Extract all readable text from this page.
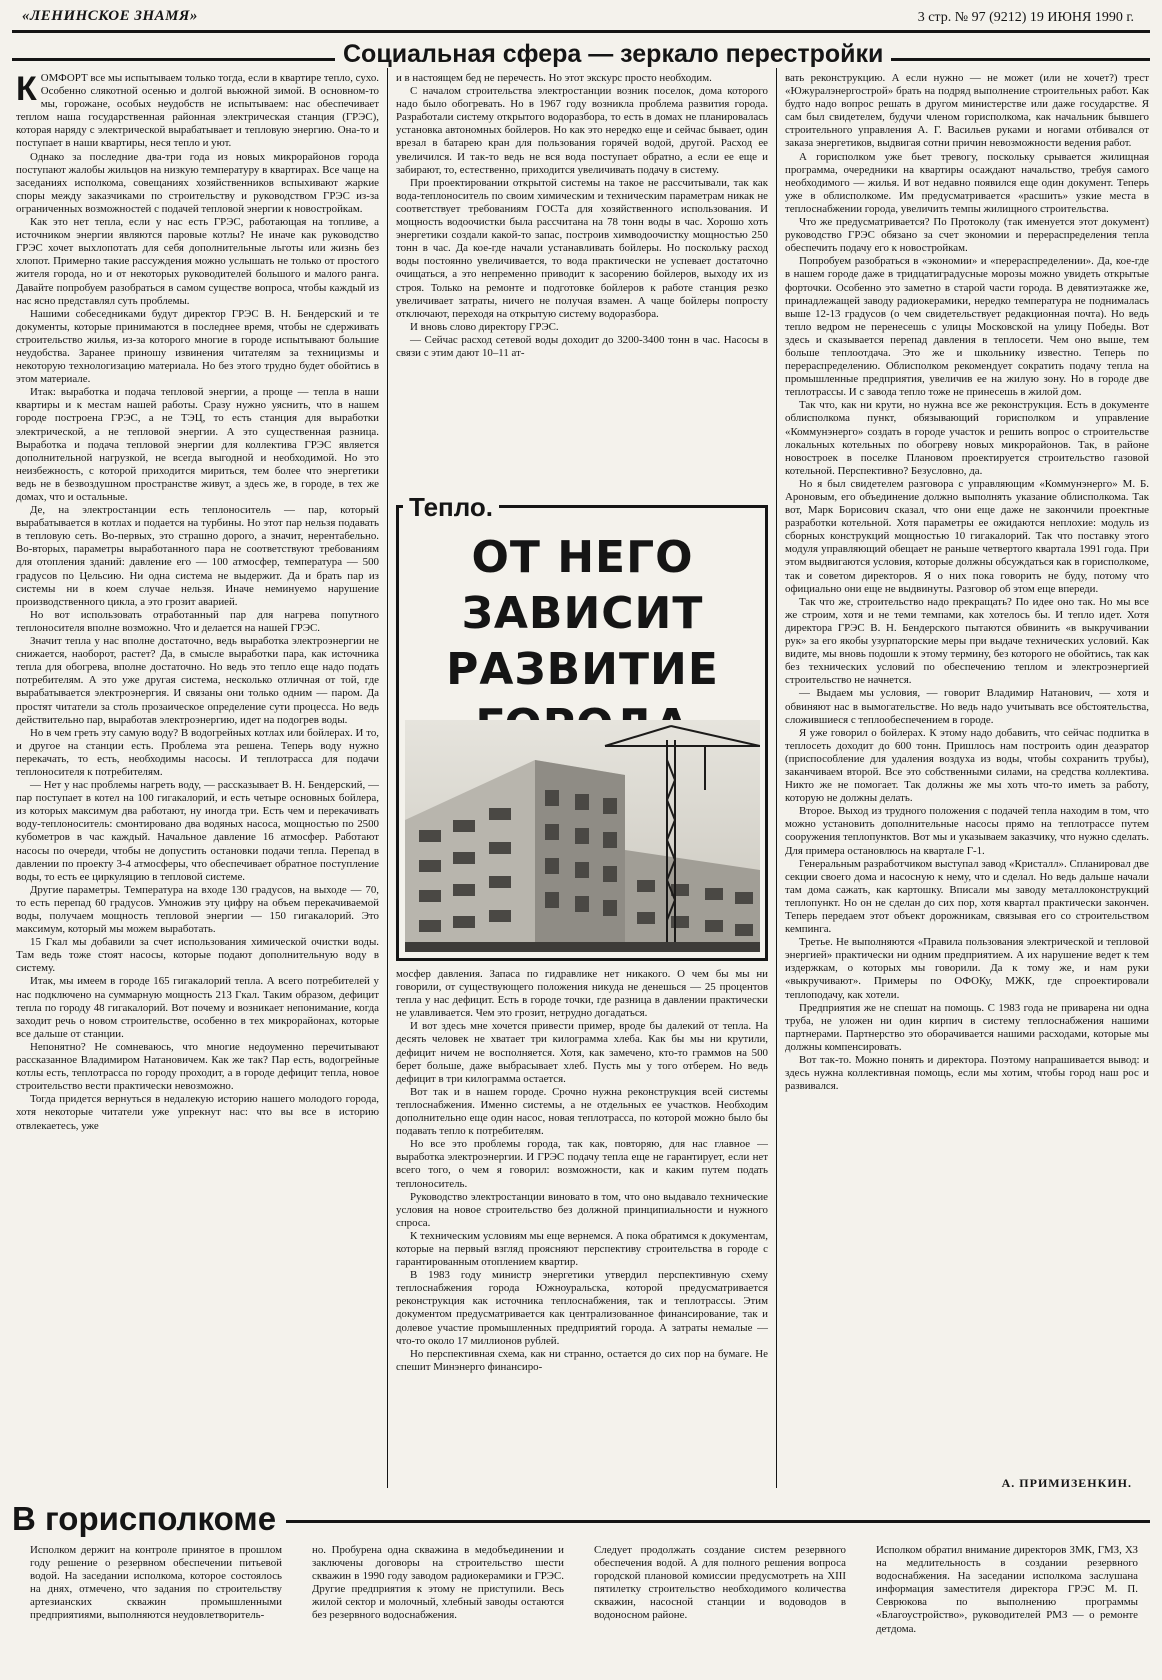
«ЛЕНИНСКОЕ ЗНАМЯ»	3 стр. № 97 (9212) 19 ИЮНЯ 1990 г.
Социальная сфера — зеркало перестройки
К ОМФОРТ все мы испытываем только тогда, если в квартире тепло, сухо. Особенно слякотной осенью и долгой вьюжной зимой. В основном-то мы, горожане, особых неудобств не испытываем: нас обеспечивает теплом наша государственная районная электрическая станция (ГРЭС), которая наряду с электрической вырабатывает и тепловую энергию. Она-то и поступает в наши квартиры, неся тепло и уют.

Однако за последние два-три года из новых микрорайонов города поступают жалобы жильцов на низкую температуру в квартирах. Все чаще на заседаниях исполкома, совещаниях хозяйственников вспыхивают жаркие споры между заказчиками по строительству и руководством ГРЭС из-за ограниченных возможностей с подачей тепловой энергии к новостройкам.

Как это нет тепла, если у нас есть ГРЭС, работающая на топливе, а источником энергии являются паровые котлы? Не иначе как руководство ГРЭС хочет выхлопотать для себя дополнительные льготы или жизнь без хлопот. Примерно такие рассуждения можно услышать не только от простого жителя города, но и от некоторых руководителей большого и малого ранга. Давайте попробуем разобраться в самом существе вопроса, чтобы каждый из нас ясно представлял суть проблемы.

Нашими собеседниками будут директор ГРЭС В. Н. Бендерский и те документы, которые принимаются в последнее время, чтобы не сдерживать строительство жилья, из-за которого многие в городе испытывают большие неудобства. Заранее приношу извинения читателям за техницизмы и некоторую технологизацию материала. Но без этого трудно будет обойтись в этом материале.

Итак: выработка и подача тепловой энергии, а проще — тепла в наши квартиры и к местам нашей работы. Сразу нужно уяснить, что в нашем городе построена ГРЭС, а не ТЭЦ, то есть станция для выработки электрической, а не тепловой энергии. А это существенная разница. Выработка и подача тепловой энергии для коллектива ГРЭС является дополнительной нагрузкой, не всегда выгодной и необходимой. Но это неизбежность, с которой приходится мириться, тем более что энергетики ведь не в безвоздушном пространстве живут, а здесь же, в городе, в тех же домах, что и остальные.

Де, на электростанции есть теплоноситель — пар, который вырабатывается в котлах и подается на турбины. Но этот пар нельзя подавать в тепловую сеть. Во-первых, это страшно дорого, а значит, нерентабельно. Во-вторых, параметры выработанного пара не соответствуют требованиям для отопления зданий: давление его — 100 атмосфер, температура — 500 градусов по Цельсию. Ни одна система не выдержит. Да и брать пар из системы ни в коем случае нельзя. Иначе неминуемо нарушение производственного цикла, а это грозит аварией.

Но вот использовать отработанный пар для нагрева попутного теплоносителя вполне возможно. Что и делается на нашей ГРЭС.

Значит тепла у нас вполне достаточно, ведь выработка электроэнергии не снижается, наоборот, растет? Да, в смысле выработки пара, как источника тепла для обогрева, вполне достаточно. Но ведь это тепло еще надо подать потребителям. А это уже другая система, несколько отличная от той, где вырабатывается электроэнергия. И связаны они только одним — паром. Да простят читатели за столь прозаическое определение сути процесса. Но ведь действительно пар, выработав электроэнергию, идет на подогрев воды.

Но в чем греть эту самую воду? В водогрейных котлах или бойлерах. И то, и другое на станции есть. Проблема эта решена. Теперь воду нужно перекачать, то есть, необходимы насосы. И теплотрасса для подачи теплоносителя к потребителям.

— Нет у нас проблемы нагреть воду, — рассказывает В. Н. Бендерский, — пар поступает в котел на 100 гигакалорий, и есть четыре основных бойлера, из которых максимум два работают, ну иногда три. Есть чем и перекачивать воду-теплоноситель: смонтировано два водяных насоса, мощностью по 2500 кубометров в час каждый. Начальное давление 16 атмосфер. Работают насосы по очереди, чтобы не допустить остановки подачи тепла. Перепад в давлении по проекту 3-4 атмосферы, что обеспечивает обратное поступление воды, то есть ее циркуляцию в тепловой системе.

Другие параметры. Температура на входе 130 градусов, на выходе — 70, то есть перепад 60 градусов. Умножив эту цифру на объем перекачиваемой воды, получаем мощность тепловой энергии — 150 гигакалорий. Это максимум, который мы можем выработать.

15 Гкал мы добавили за счет использования химической очистки воды. Там ведь тоже стоят насосы, которые подают дополнительную воду в систему.

Итак, мы имеем в городе 165 гигакалорий тепла. А всего потребителей у нас подключено на суммарную мощность 213 Гкал. Таким образом, дефицит тепла по городу 48 гигакалорий. Вот почему и возникает непонимание, когда заходит речь о новом строительстве, особенно в тех микрорайонах, которые все дальше от станции.

Непонятно? Не сомневаюсь, что многие недоуменно перечитывают рассказанное Владимиром Натановичем. Как же так? Пар есть, водогрейные котлы есть, теплотрасса по городу проходит, а в городе дефицит тепла, новое строительство вести практически невозможно.

Тогда придется вернуться в недалекую историю нашего молодого города, хотя некоторые читатели уже упрекнут нас: что вы все в историю отвлекаетесь, уже

и в настоящем бед не перечесть. Но этот экскурс просто необходим.

С началом строительства электростанции возник поселок, дома которого надо было обогревать. Но в 1967 году возникла проблема развития города. Разработали систему открытого водоразбора, то есть в домах не планировалась установка автономных бойлеров. Но как это нередко еще и сейчас бывает, один врезал в батарею кран для пользования горячей водой, другой. Расход ее увеличился. И так-то ведь не вся вода поступает обратно, а если ее еще и забирают, то, естественно, приходится увеличивать подачу в систему.

При проектировании открытой системы на такое не рассчитывали, так как вода-теплоноситель по своим химическим и техническим параметрам никак не соответствует требованиям ГОСТа для хозяйственного использования. И мощность водоочистки была рассчитана на 78 тонн воды в час. Хорошо хоть энергетики создали какой-то запас, построив химводоочистку мощностью 250 тонн в час. Да кое-где начали устанавливать бойлеры. Но поскольку расход воды постоянно увеличивается, то вода практически не успевает достаточно очищаться, а это непременно приводит к засорению бойлеров, выходу их из строя. Только на ремонте и подготовке бойлеров к работе станция резко увеличивает затраты, ничего не получая взамен. А чаще бойлеры попросту отключают, переходя на открытую систему водоразбора.

И вновь слово директору ГРЭС.

— Сейчас расход сетевой воды доходит до 3200-3400 тонн в час. Насосы в связи с этим дают 10–11 ат-

Тепло.
ОТ НЕГО ЗАВИСИТ
РАЗВИТИЕ

мосфер давления. Запаса по гидравлике нет никакого. О чем бы мы ни говорили, от существующего положения никуда не денешься — 25 процентов тепла у нас дефицит. Есть в городе точки, где разница в давлении практически не улавливается. Чем это грозит, нетрудно догадаться.

И вот здесь мне хочется привести пример, вроде бы далекий от тепла. На десять человек не хватает три килограмма хлеба. Как бы мы ни крутили, дефицит ничем не восполняется. Хотя, как замечено, кто-то граммов на 500 берет больше, даже выбрасывает хлеб. Пусть мы у того отберем. Но ведь дефицит в три килограмма остается.

Вот так и в нашем городе. Срочно нужна реконструкция всей системы теплоснабжения. Именно системы, а не отдельных ее участков. Необходим дополнительно еще один насос, новая теплотрасса, по которой можно было бы подавать тепло к потребителям.

Но все это проблемы города, так как, повторяю, для нас главное — выработка электроэнергии. И ГРЭС подачу тепла еще не гарантирует, если нет всего того, о чем я говорил: возможности, как и каким путем подать теплоноситель.

Руководство электростанции виновато в том, что оно выдавало технические условия на новое строительство без должной принципиальности и нужного спроса.

К техническим условиям мы еще вернемся. А пока обратимся к документам, которые на первый взгляд проясняют перспективу строительства в городе с гарантированным отоплением квартир.

В 1983 году министр энергетики утвердил перспективную схему теплоснабжения города Южноуральска, которой предусматривается реконструкция как источника теплоснабжения, так и теплотрассы. Этим документом предусматривается как централизованное финансирование, так и долевое участие промышленных предприятий города. А затраты немалые — что-то около 17 миллионов рублей.

Но перспективная схема, как ни странно, остается до сих пор на бумаге. Не спешит Минэнерго финансиро-

вать реконструкцию. А если нужно — не может (или не хочет?) трест «Южуралэнергострой» брать на подряд выполнение строительных работ. Как будто надо вопрос решать в другом министерстве или даже государстве. Я сам был свидетелем, будучи членом горисполкома, как начальник бывшего строительного управления А. Г. Васильев руками и ногами отбивался от заказа энергетиков, выдвигая сотни причин невозможности ведения работ.

А горисполком уже бьет тревогу, поскольку срывается жилищная программа, очередники на квартиры осаждают начальство, требуя самого необходимого — жилья. И вот недавно появился еще один документ. Теперь уже в облисполкоме. Им предусматривается «расшить» узкие места в теплоснабжении города, увеличить темпы жилищного строительства.

Что же предусматривается? По Протоколу (так именуется этот документ) руководство ГРЭС обязано за счет экономии и перераспределения тепла обеспечить подачу его к новостройкам.

Попробуем разобраться в «экономии» и «перераспределении». Да, кое-где в нашем городе даже в тридцатиградусные морозы можно увидеть открытые форточки. Особенно это заметно в старой части города. В девятиэтажке же, принадлежащей заводу радиокерамики, нередко температура не поднималась выше 12-13 градусов (о чем свидетельствует редакционная почта). Но ведь тепло ведром не перенесешь с улицы Московской на улицу Победы. Вот здесь и сказывается перепад давления в теплосети. Чем оно выше, тем больше теплоотдача. Это же и школьнику известно. Теперь по перераспределению. Облисполком рекомендует сократить подачу тепла на промышленные предприятия, увеличив ее на жилую зону. Но в городе две теплотрассы. И с завода тепло тоже не принесешь в жилой дом.

Так что, как ни крути, но нужна все же реконструкция. Есть в документе облисполкома пункт, обязывающий горисполком и управление «Коммунэнерго» создать в городе участок и решить вопрос о строительстве локальных котельных по обогреву новых микрорайонов. Так, в районе новостроек в поселке Плановом проектируется строительство газовой котельной. Перспективно? Безусловно, да.

Но я был свидетелем разговора с управляющим «Коммунэнерго» М. Б. Ароновым, его объединение должно выполнять указание облисполкома. Так вот, Марк Борисович сказал, что они еще даже не закончили проектные разработки котельной. Хотя параметры ее ожидаются неплохие: модуль из сборных конструкций мощностью 10 гигакалорий. Так что поставку этого модуля управляющий обещает не раньше четвертого квартала 1991 года. При этом выдвигаются условия, которые должны обсуждаться как в горисполкоме, так и советом директоров. Я о них пока говорить не буду, потому что официально они еще не выдвинуты. Разговор об этом еще впереди.

Так что же, строительство надо прекращать? По идее оно так. Но мы все же строим, хотя и не теми темпами, как хотелось бы. И тепло идет. Хотя директора ГРЭС В. Н. Бендерского пытаются обвинить «в выкручивании рук» за его якобы узурпаторские меры при выдаче технических условий. Как видите, мы вновь подошли к этому термину, без которого не обойтись, так как без технических условий по обеспечению теплом и электроэнергией строительство не начнется.

— Выдаем мы условия, — говорит Владимир Натанович, — хотя и обвиняют нас в вымогательстве. Но ведь надо учитывать все обстоятельства, сложившиеся с теплообеспечением в городе.

Я уже говорил о бойлерах. К этому надо добавить, что сейчас подпитка в теплосеть доходит до 600 тонн. Пришлось нам построить один деаэратор (приспособление для удаления воздуха из воды, чтобы сохранить трубы), заканчиваем второй. Все это собственными силами, на средства коллектива. Никто же не помогает. Так должны же мы хоть что-то иметь за работу, которую не должны делать.

Второе. Выход из трудного положения с подачей тепла находим в том, что можно установить дополнительные насосы прямо на теплотрассе путем сооружения теплопунктов. Вот мы и указываем заказчику, что нужно сделать. Для примера остановлюсь на квартале Г-1.

Генеральным разработчиком выступал завод «Кристалл». Спланировал две секции своего дома и насосную к нему, что и сделал. Но ведь дальше начали там дома сажать, как картошку. Вписали мы заводу металлоконструкций теплопункт. Но он не сделан до сих пор, хотя квартал практически закончен. Теперь передаем этот объект дорожникам, связывая его со строительством кемпинга.

Третье. Не выполняются «Правила пользования электрической и тепловой энергией» практически ни одним предприятием. А их нарушение ведет к тем издержкам, о которых мы говорили. Да к тому же, и нам руки «выкручивают». Примеры по ОФОКу, МЖК, где спроектировали теплоподачу, как хотели.

Предприятия же не спешат на помощь. С 1983 года не приварена ни одна труба, не уложен ни один кирпич в систему теплоснабжения нашими партнерами. Партнерство это оборачивается нашими расходами, которые мы должны компенсировать.

Вот так-то. Можно понять и директора. Поэтому напрашивается вывод: и здесь нужна коллективная помощь, если мы хотим, чтобы город наш рос и развивался.

А. ПРИМИЗЕНКИН.
В горисполкоме

Исполком держит на контроле принятое в прошлом году решение о резервном обеспечении питьевой водой. На заседании исполкома, которое состоялось на днях, отмечено, что задания по строительству артезианских скважин промышленными предприятиями, выполняются неудовлетворитель-

но. Пробурена одна скважина в медобъединении и заключены договоры на строительство шести скважин в 1990 году заводом радиокерамики и ГРЭС. Другие предприятия к этому не приступили. Весь жилой сектор и молочный, хлебный заводы остаются без резервного водоснабжения.

Следует продолжать создание систем резервного обеспечения водой. А для полного решения вопроса городской плановой комиссии предусмотреть на XIII пятилетку строительство необходимого количества скважин, насосной станции и водоводов в водоносном районе.

Исполком обратил внимание директоров ЗМК, ГМЗ, ХЗ на медлительность в создании резервного водоснабжения. На заседании исполкома заслушана информация заместителя директора ГРЭС М. П. Севрюкова по выполнению программы «Благоустройство», руководителей РМЗ — о ремонте детдома.
